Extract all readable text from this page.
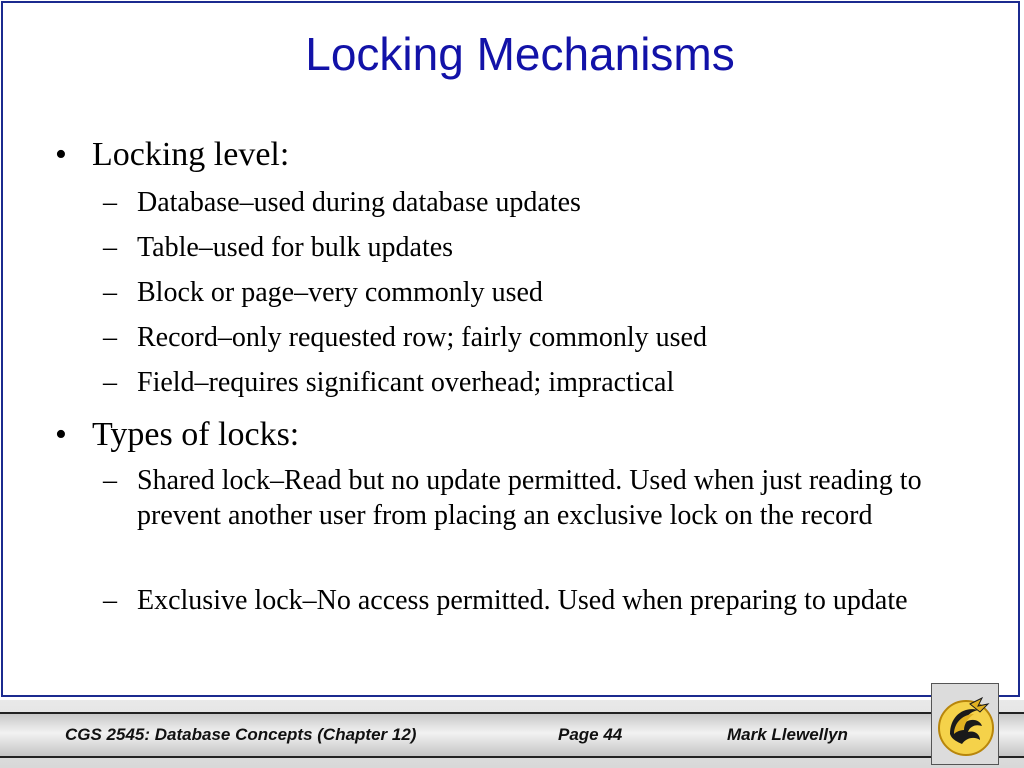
Locking Mechanisms
• Locking level:
– Database–used during database updates
– Table–used for bulk updates
– Block or page–very commonly used
– Record–only requested row; fairly commonly used
– Field–requires significant overhead; impractical
• Types of locks:
– Shared lock–Read but no update permitted. Used when just reading to prevent another user from placing an exclusive lock on the record
– Exclusive lock–No access permitted. Used when preparing to update
CGS 2545: Database Concepts (Chapter 12)	Page 44	Mark Llewellyn
